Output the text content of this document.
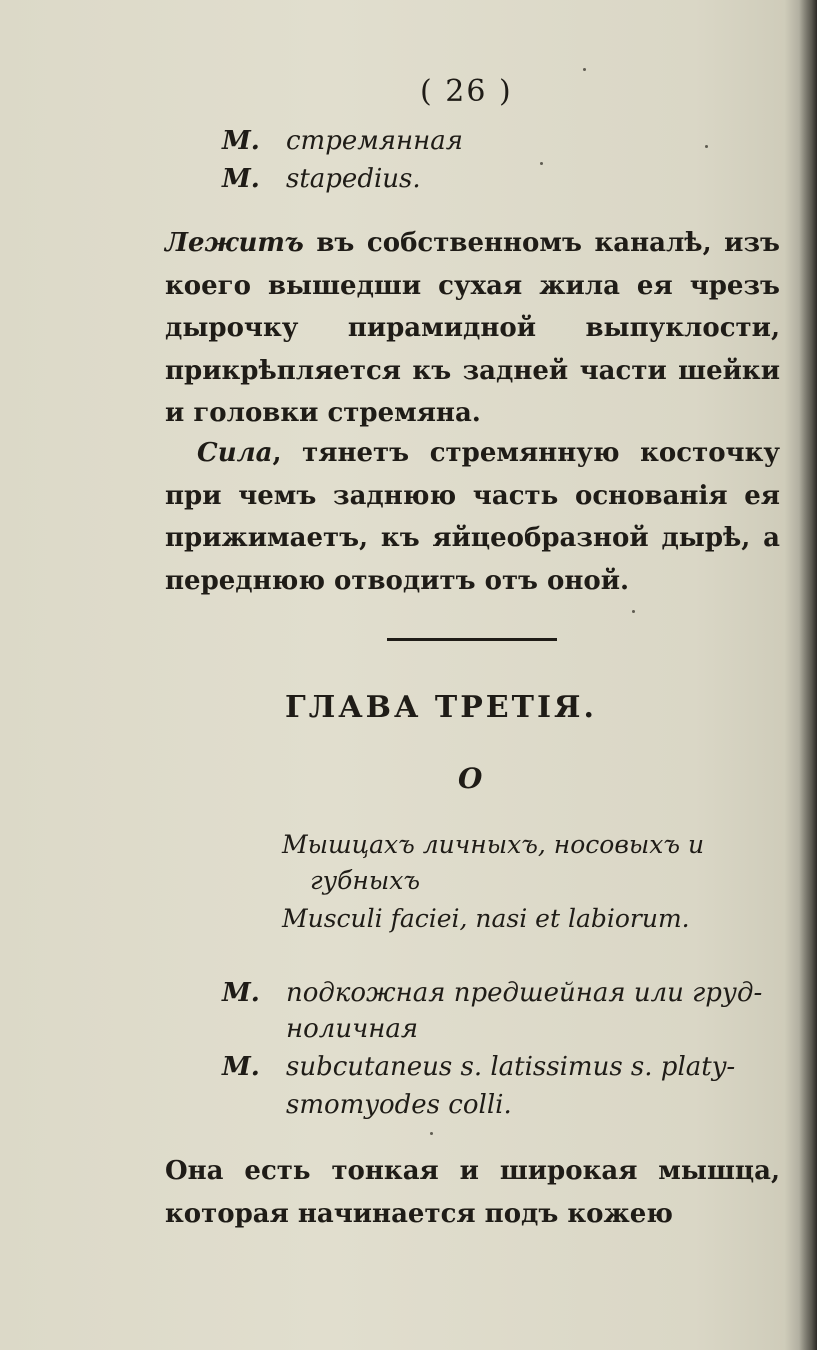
( 26 )
M. стремянная
M. stapedius.

Лежитъ въ собственномъ каналѣ, изъ коего вышедши сухая жила ея чрезъ дырочку пирамидной выпуклости, прикрѣпляется къ задней части шейки и головки стремяна.

Сила, тянетъ стремянную косточку при чемъ заднюю часть основанія ея прижимаетъ, къ яйцеобразной дырѣ, а переднюю отводитъ отъ оной.

ГЛАВА ТРЕТІЯ.
О
Мышцахъ личныхъ, носовыхъ и
губныхъ
Musculi faciei, nasi et labiorum.
M. подкожная предшейная или груд-
ноличная
M. subcutaneus s. latissimus s. platy-
smomyodes colli.

Она есть тонкая и широкая мышца, которая начинается подъ кожею
